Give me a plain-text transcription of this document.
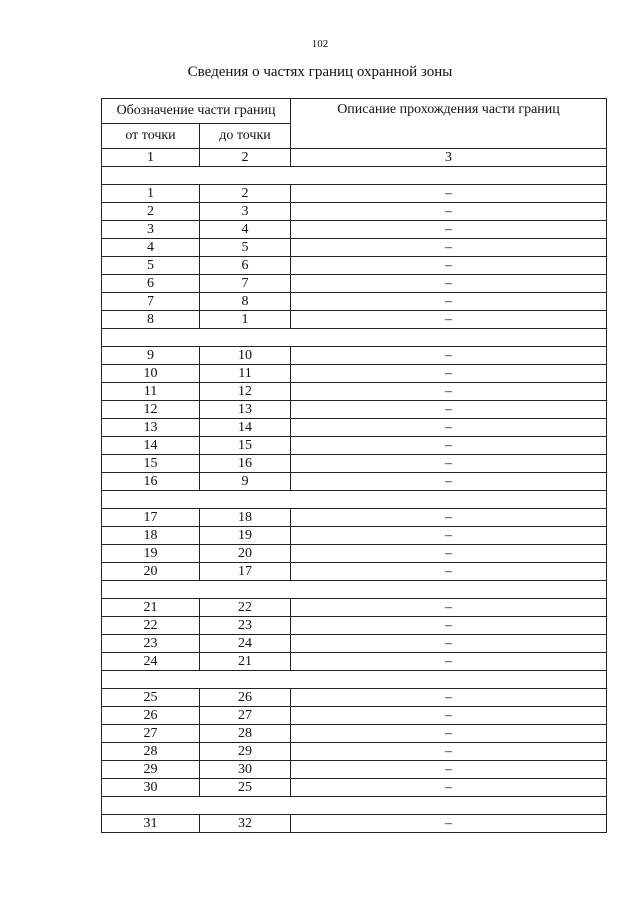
102
Сведения о частях границ охранной зоны
Обозначение части границ		Описание прохождения части границ
от точки	до точки	
1	2	3

1	2	–
2	3	–
3	4	–
4	5	–
5	6	–
6	7	–
7	8	–
8	1	–

9	10	–
10	11	–
11	12	–
12	13	–
13	14	–
14	15	–
15	16	–
16	9	–

17	18	–
18	19	–
19	20	–
20	17	–

21	22	–
22	23	–
23	24	–
24	21	–

25	26	–
26	27	–
27	28	–
28	29	–
29	30	–
30	25	–

31	32	–
